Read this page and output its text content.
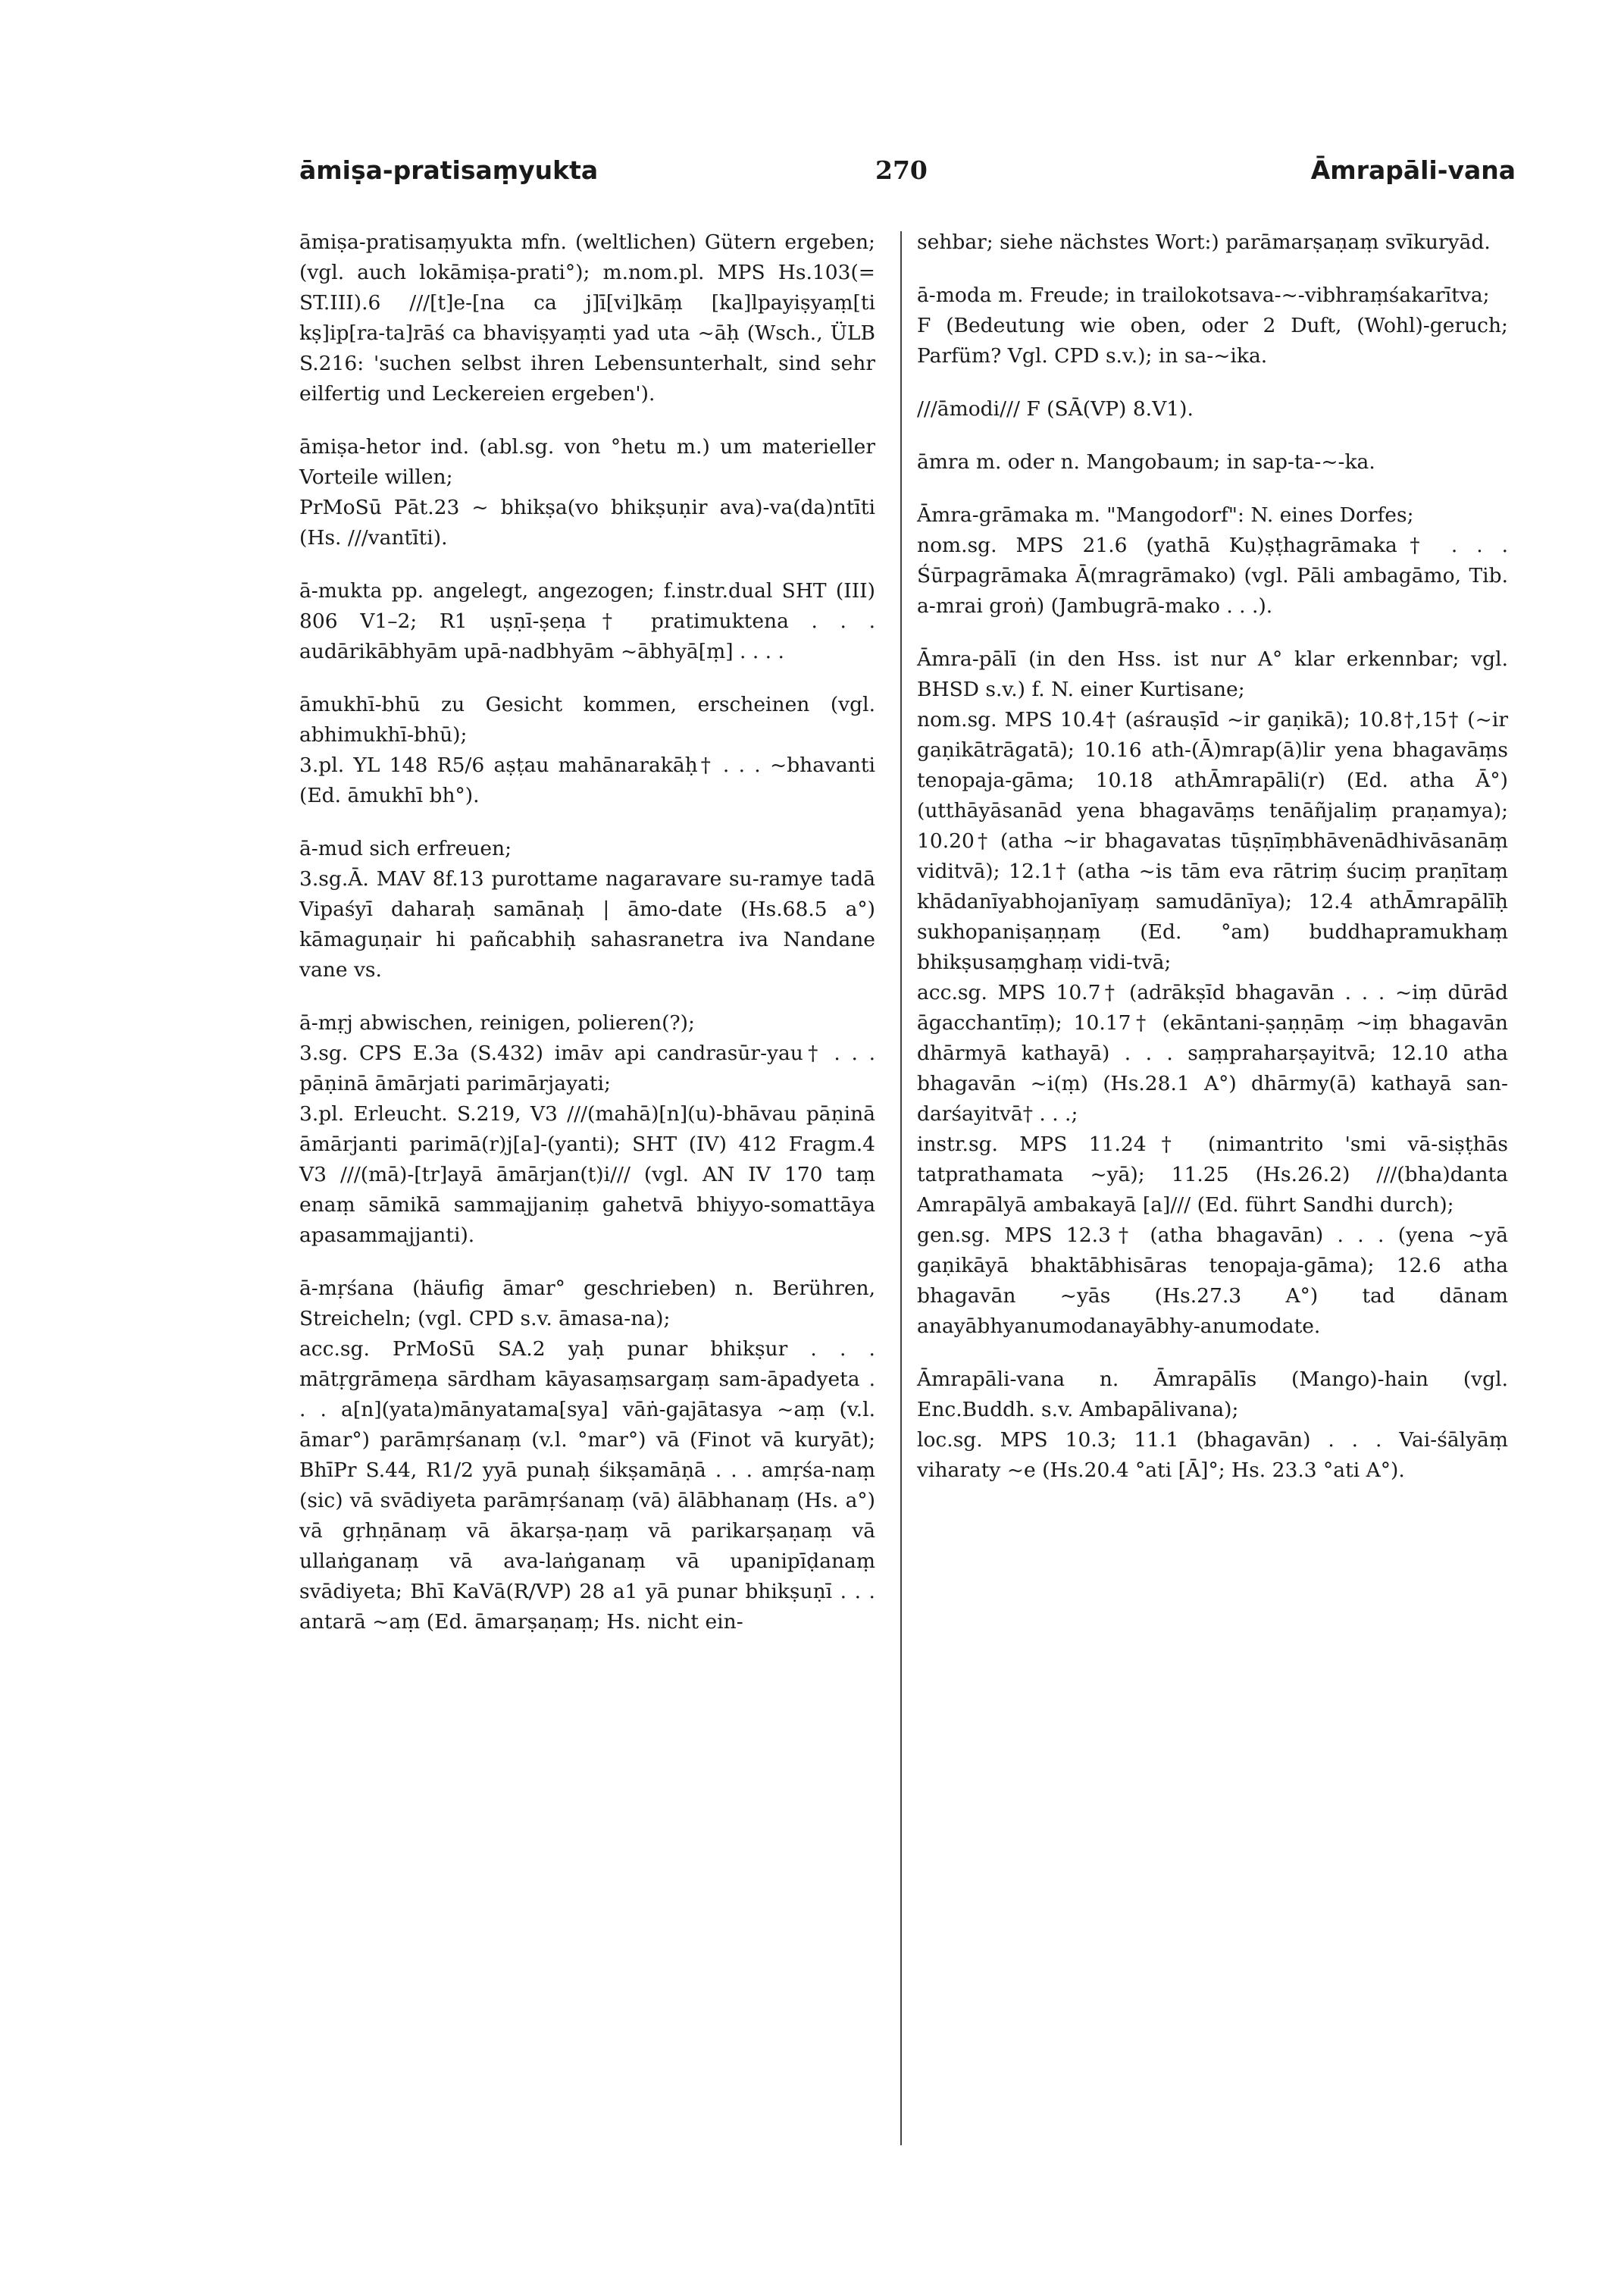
āmiṣa-pratisaṃyukta	270	Āmrapāli-vana

āmiṣa-pratisaṃyukta mfn. (weltlichen) Gütern ergeben; (vgl. auch lokāmiṣa-prati°); m.nom.pl. MPS Hs.103(= ST.III).6 ///[t]e-[na ca j]ī[vi]kāṃ [ka]lpayiṣyaṃ[ti kṣ]ip[ra-ta]rāś ca bhaviṣyaṃti yad uta ~āḥ (Wsch., ÜLB S.216: 'suchen selbst ihren Lebensunterhalt, sind sehr eilfertig und Leckereien ergeben').

āmiṣa-hetor ind. (abl.sg. von °hetu m.) um materieller Vorteile willen;

PrMoSū Pāt.23 ~ bhikṣa(vo bhikṣuṇir ava)-va(da)ntīti (Hs. ///vantīti).

ā-mukta pp. angelegt, angezogen; f.instr.dual SHT (III) 806 V1–2; R1 uṣṇī-ṣeṇa† pratimuktena . . . audārikābhyām upā-nadbhyām ~ābhyā[ṃ] . . . .

āmukhī-bhū zu Gesicht kommen, erscheinen (vgl. abhimukhī-bhū);

3.pl. YL 148 R5/6 aṣṭau mahānarakāḥ† . . . ~bhavanti (Ed. āmukhī bh°).

ā-mud sich erfreuen;

3.sg.Ā. MAV 8f.13 purottame nagaravare su-ramye tadā Vipaśyī daharaḥ samānaḥ | āmo-date (Hs.68.5 a°) kāmaguṇair hi pañcabhiḥ sahasranetra iva Nandane vane vs.

ā-mṛj abwischen, reinigen, polieren(?);

3.sg. CPS E.3a (S.432) imāv api candrasūr-yau† . . . pāṇinā āmārjati parimārjayati;

3.pl. Erleucht. S.219, V3 ///(mahā)[n](u)-bhāvau pāṇinā āmārjanti parimā(r)j[a]-(yanti); SHT (IV) 412 Fragm.4 V3 ///(mā)-[tr]ayā āmārjan(t)i/// (vgl. AN IV 170 taṃ enaṃ sāmikā sammajjaniṃ gahetvā bhiyyo-somattāya apasammajjanti).

ā-mṛśana (häufig āmar° geschrieben) n. Berühren, Streicheln; (vgl. CPD s.v. āmasa-na);

acc.sg. PrMoSū SA.2 yaḥ punar bhikṣur . . . mātṛgrāmeṇa sārdham kāyasaṃsargaṃ sam-āpadyeta . . . a[n](yata)mānyatama[sya] vāṅ-gajātasya ~aṃ (v.l. āmar°) parāmṛśanaṃ (v.l. °mar°) vā (Finot vā kuryāt); BhīPr S.44, R1/2 yyā punaḥ śikṣamāṇā . . . amṛśa-naṃ (sic) vā svādiyeta parāmṛśanaṃ (vā) ālābhanaṃ (Hs. a°) vā gṛhṇānaṃ vā ākarṣa-ṇaṃ vā parikarṣaṇaṃ vā ullaṅganaṃ vā ava-laṅganaṃ vā upanipīḍanaṃ svādiyeta; Bhī KaVā(R/VP) 28 a1 yā punar bhikṣuṇī . . . antarā ~aṃ (Ed. āmarṣaṇaṃ; Hs. nicht ein-

sehbar; siehe nächstes Wort:) parāmarṣaṇaṃ svīkuryād.

ā-moda m. Freude; in trailokotsava-~-vibhraṃśakarītva;

F (Bedeutung wie oben, oder 2 Duft, (Wohl)-geruch; Parfüm? Vgl. CPD s.v.); in sa-~ika.

///āmodi/// F (SĀ(VP) 8.V1).

āmra m. oder n. Mangobaum; in sap-ta-~-ka.

Āmra-grāmaka m. "Mangodorf": N. eines Dorfes;

nom.sg. MPS 21.6 (yathā Ku)ṣṭhagrāmaka† . . . Śūrpagrāmaka Ā(mragrāmako) (vgl. Pāli ambagāmo, Tib. a-mrai groṅ) (Jambugrā-mako . . .).

Āmra-pālī (in den Hss. ist nur A° klar erkennbar; vgl. BHSD s.v.) f. N. einer Kurtisane;

nom.sg. MPS 10.4† (aśrauṣīd ~ir gaṇikā); 10.8†,15† (~ir gaṇikātrāgatā); 10.16 ath-(Ā)mrap(ā)lir yena bhagavāṃs tenopaja-gāma; 10.18 athĀmrapāli(r) (Ed. atha Ā°) (utthāyāsanād yena bhagavāṃs tenāñjaliṃ praṇamya); 10.20† (atha ~ir bhagavatas tūṣṇīṃbhāvenādhivāsanāṃ viditvā); 12.1† (atha ~is tām eva rātriṃ śuciṃ praṇītaṃ khādanīyabhojanīyaṃ samudānīya); 12.4 athĀmrapālīḥ sukhopaniṣaṇṇaṃ (Ed. °am) buddhapramukhaṃ bhikṣusaṃghaṃ vidi-tvā;

acc.sg. MPS 10.7† (adrākṣīd bhagavān . . . ~iṃ dūrād āgacchantīṃ); 10.17† (ekāntani-ṣaṇṇāṃ ~iṃ bhagavān dhārmyā kathayā) . . . saṃpraharṣayitvā; 12.10 atha bhagavān ~i(ṃ) (Hs.28.1 A°) dhārmy(ā) kathayā san-darśayitvā† . . .;

instr.sg. MPS 11.24† (nimantrito 'smi vā-siṣṭhās tatprathamata ~yā); 11.25 (Hs.26.2) ///(bha)danta Amrapālyā ambakayā [a]/// (Ed. führt Sandhi durch);

gen.sg. MPS 12.3† (atha bhagavān) . . . (yena ~yā gaṇikāyā bhaktābhisāras tenopaja-gāma); 12.6 atha bhagavān ~yās (Hs.27.3 A°) tad dānam anayābhyanumodanayābhy-anumodate.

Āmrapāli-vana n. Āmrapālīs (Mango)-hain (vgl. Enc.Buddh. s.v. Ambapālivana);

loc.sg. MPS 10.3; 11.1 (bhagavān) . . . Vai-śālyāṃ viharaty ~e (Hs.20.4 °ati [Ā]°; Hs. 23.3 °ati A°).
